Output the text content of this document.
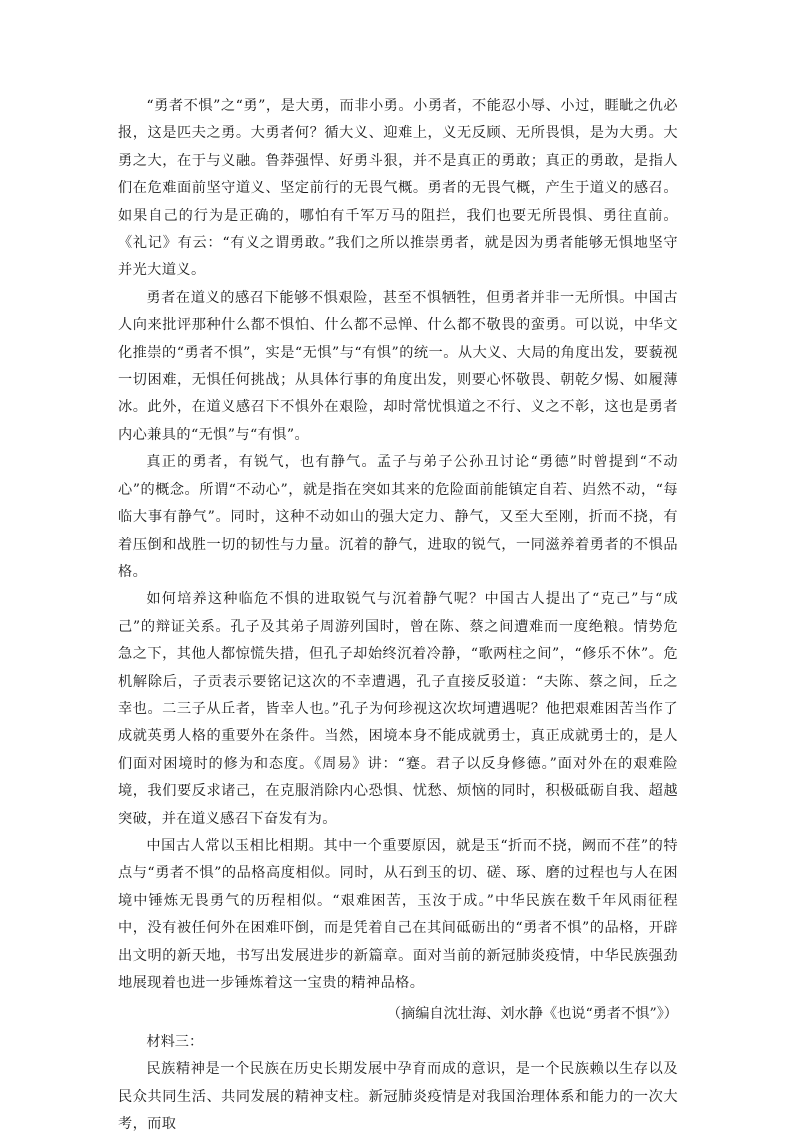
“勇者不惧”之“勇”，是大勇，而非小勇。小勇者，不能忍小辱、小过，睚眦之仇必报，这是匹夫之勇。大勇者何？循大义、迎难上，义无反顾、无所畏惧，是为大勇。大勇之大，在于与义融。鲁莽强悍、好勇斗狠，并不是真正的勇敢；真正的勇敢，是指人们在危难面前坚守道义、坚定前行的无畏气概。勇者的无畏气概，产生于道义的感召。如果自己的行为是正确的，哪怕有千军万马的阻拦，我们也要无所畏惧、勇往直前。《礼记》有云：“有义之谓勇敢。”我们之所以推崇勇者，就是因为勇者能够无惧地坚守并光大道义。

勇者在道义的感召下能够不惧艰险，甚至不惧牺牲，但勇者并非一无所惧。中国古人向来批评那种什么都不惧怕、什么都不忌惮、什么都不敬畏的蛮勇。可以说，中华文化推崇的“勇者不惧”，实是“无惧”与“有惧”的统一。从大义、大局的角度出发，要藐视一切困难，无惧任何挑战；从具体行事的角度出发，则要心怀敬畏、朝乾夕惕、如履薄冰。此外，在道义感召下不惧外在艰险，却时常忧惧道之不行、义之不彰，这也是勇者内心兼具的“无惧”与“有惧”。

真正的勇者，有锐气，也有静气。孟子与弟子公孙丑讨论“勇德”时曾提到“不动心”的概念。所谓“不动心”，就是指在突如其来的危险面前能镇定自若、岿然不动，“每临大事有静气”。同时，这种不动如山的强大定力、静气，又至大至刚，折而不挠，有着压倒和战胜一切的韧性与力量。沉着的静气，进取的锐气，一同滋养着勇者的不惧品格。

如何培养这种临危不惧的进取锐气与沉着静气呢？中国古人提出了“克己”与“成己”的辩证关系。孔子及其弟子周游列国时，曾在陈、蔡之间遭难而一度绝粮。情势危急之下，其他人都惊慌失措，但孔子却始终沉着冷静，“歌两柱之间”，“修乐不休”。危机解除后，子贡表示要铭记这次的不幸遭遇，孔子直接反驳道：“夫陈、蔡之间，丘之幸也。二三子从丘者，皆幸人也。”孔子为何珍视这次坎坷遭遇呢？他把艰难困苦当作了成就英勇人格的重要外在条件。当然，困境本身不能成就勇士，真正成就勇士的，是人们面对困境时的修为和态度。《周易》讲：“蹇。君子以反身修德。”面对外在的艰难险境，我们要反求诸己，在克服消除内心恐惧、忧愁、烦恼的同时，积极砥砺自我、超越突破，并在道义感召下奋发有为。

中国古人常以玉相比相期。其中一个重要原因，就是玉“折而不挠，阙而不荏”的特点与“勇者不惧”的品格高度相似。同时，从石到玉的切、磋、琢、磨的过程也与人在困境中锤炼无畏勇气的历程相似。“艰难困苦，玉汝于成。”中华民族在数千年风雨征程中，没有被任何外在困难吓倒，而是凭着自己在其间砥砺出的“勇者不惧”的品格，开辟出文明的新天地，书写出发展进步的新篇章。面对当前的新冠肺炎疫情，中华民族强劲地展现着也进一步锤炼着这一宝贵的精神品格。

（摘编自沈壮海、刘水静《也说“勇者不惧”》）

材料三：

民族精神是一个民族在历史长期发展中孕育而成的意识，是一个民族赖以生存以及民众共同生活、共同发展的精神支柱。新冠肺炎疫情是对我国治理体系和能力的一次大考，而取
